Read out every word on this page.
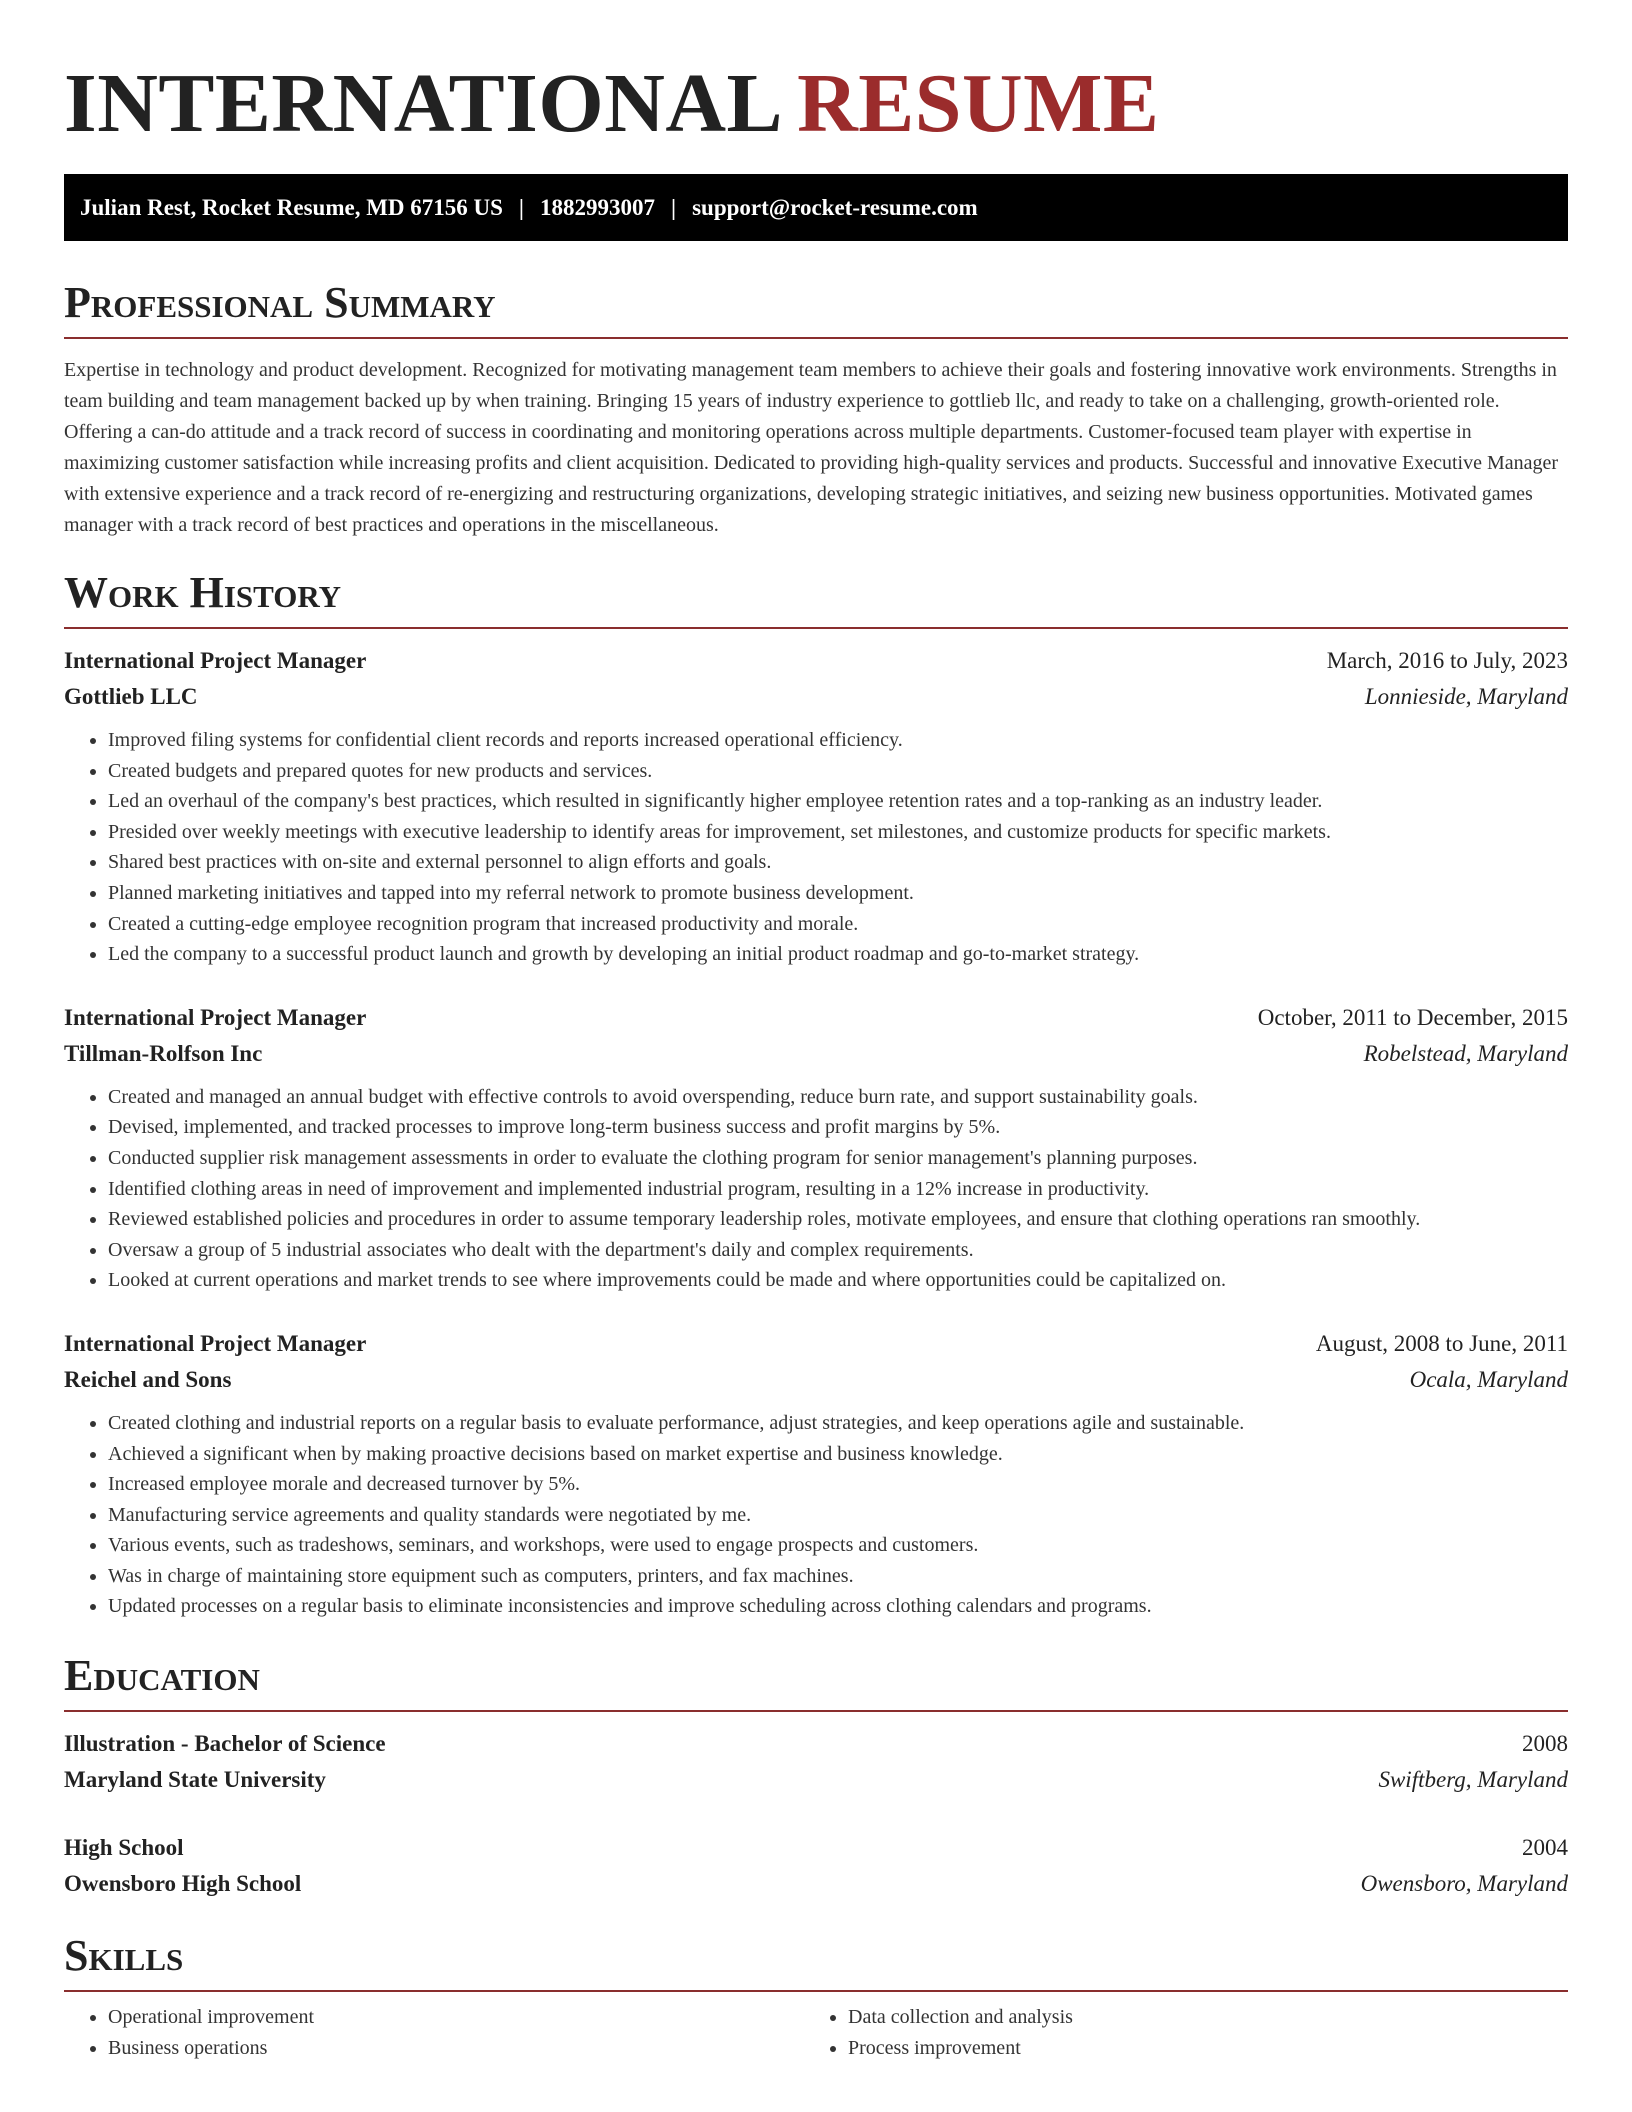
INTERNATIONAL RESUME
Julian Rest, Rocket Resume, MD 67156 US | 1882993007 | support@rocket-resume.com
Professional Summary

Expertise in technology and product development. Recognized for motivating management team members to achieve their goals and fostering innovative work environments. Strengths in team building and team management backed up by when training. Bringing 15 years of industry experience to gottlieb llc, and ready to take on a challenging, growth-oriented role. Offering a can-do attitude and a track record of success in coordinating and monitoring operations across multiple departments. Customer-focused team player with expertise in maximizing customer satisfaction while increasing profits and client acquisition. Dedicated to providing high-quality services and products. Successful and innovative Executive Manager with extensive experience and a track record of re-energizing and restructuring organizations, developing strategic initiatives, and seizing new business opportunities. Motivated games manager with a track record of best practices and operations in the miscellaneous.

Work History
International Project Manager	March, 2016 to July, 2023
Gottlieb LLC	Lonnieside, Maryland
• Improved filing systems for confidential client records and reports increased operational efficiency.
• Created budgets and prepared quotes for new products and services.
• Led an overhaul of the company's best practices, which resulted in significantly higher employee retention rates and a top-ranking as an industry leader.
• Presided over weekly meetings with executive leadership to identify areas for improvement, set milestones, and customize products for specific markets.
• Shared best practices with on-site and external personnel to align efforts and goals.
• Planned marketing initiatives and tapped into my referral network to promote business development.
• Created a cutting-edge employee recognition program that increased productivity and morale.
• Led the company to a successful product launch and growth by developing an initial product roadmap and go-to-market strategy.
International Project Manager	October, 2011 to December, 2015
Tillman-Rolfson Inc	Robelstead, Maryland
• Created and managed an annual budget with effective controls to avoid overspending, reduce burn rate, and support sustainability goals.
• Devised, implemented, and tracked processes to improve long-term business success and profit margins by 5%.
• Conducted supplier risk management assessments in order to evaluate the clothing program for senior management's planning purposes.
• Identified clothing areas in need of improvement and implemented industrial program, resulting in a 12% increase in productivity.
• Reviewed established policies and procedures in order to assume temporary leadership roles, motivate employees, and ensure that clothing operations ran smoothly.
• Oversaw a group of 5 industrial associates who dealt with the department's daily and complex requirements.
• Looked at current operations and market trends to see where improvements could be made and where opportunities could be capitalized on.
International Project Manager	August, 2008 to June, 2011
Reichel and Sons	Ocala, Maryland
• Created clothing and industrial reports on a regular basis to evaluate performance, adjust strategies, and keep operations agile and sustainable.
• Achieved a significant when by making proactive decisions based on market expertise and business knowledge.
• Increased employee morale and decreased turnover by 5%.
• Manufacturing service agreements and quality standards were negotiated by me.
• Various events, such as tradeshows, seminars, and workshops, were used to engage prospects and customers.
• Was in charge of maintaining store equipment such as computers, printers, and fax machines.
• Updated processes on a regular basis to eliminate inconsistencies and improve scheduling across clothing calendars and programs.
Education
Illustration - Bachelor of Science	2008
Maryland State University	Swiftberg, Maryland
High School	2004
Owensboro High School	Owensboro, Maryland
Skills
• Operational improvement
• Business operations
• Data collection and analysis
• Process improvement
